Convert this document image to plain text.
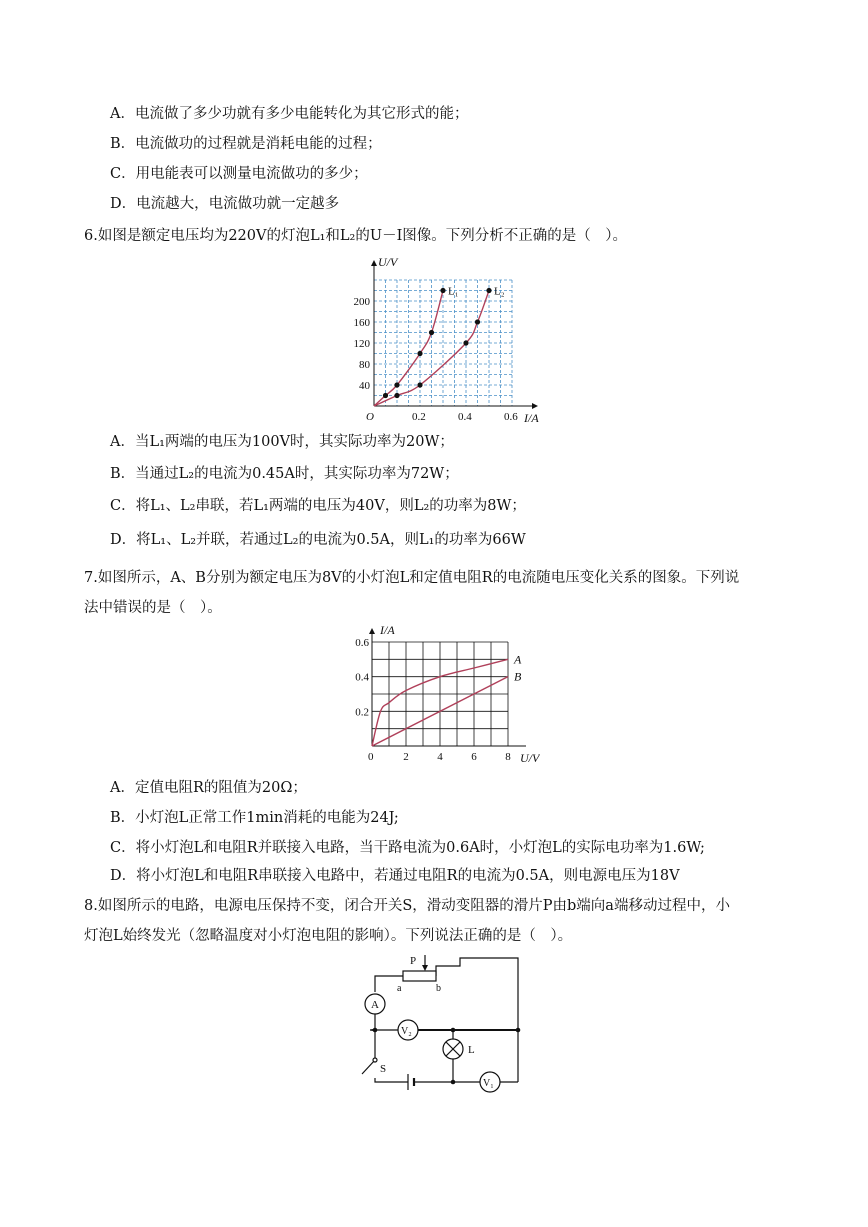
A．电流做了多少功就有多少电能转化为其它形式的能；
B．电流做功的过程就是消耗电能的过程；
C．用电能表可以测量电流做功的多少；
D．电流越大，电流做功就一定越多
6.如图是额定电压均为220V的灯泡L₁和L₂的U－I图像。下列分析不正确的是（　）。
0.2	0.4	0.6
40
80
120
160
200
O	I/A
U/V
L₁	L₂
A．当L₁两端的电压为100V时，其实际功率为20W；
B．当通过L₂的电流为0.45A时，其实际功率为72W；
C．将L₁、L₂串联，若L₁两端的电压为40V，则L₂的功率为8W；
D．将L₁、L₂并联，若通过L₂的电流为0.5A，则L₁的功率为66W
7.如图所示，A、B分别为额定电压为8V的小灯泡L和定值电阻R的电流随电压变化关系的图象。下列说
法中错误的是（　）。
2	4	6	8
0.2
0.4
0.6
0	U/V
I/A
A
B
A．定值电阻R的阻值为20Ω；
B．小灯泡L正常工作1min消耗的电能为24J;
C．将小灯泡L和电阻R并联接入电路，当干路电流为0.6A时，小灯泡L的实际电功率为1.6W;
D．将小灯泡L和电阻R串联接入电路中，若通过电阻R的电流为0.5A，则电源电压为18V
8.如图所示的电路，电源电压保持不变，闭合开关S，滑动变阻器的滑片P由b端向a端移动过程中，小
灯泡L始终发光（忽略温度对小灯泡电阻的影响）。下列说法正确的是（　）。
P
a	b
A
V₂
L
V₁
S
